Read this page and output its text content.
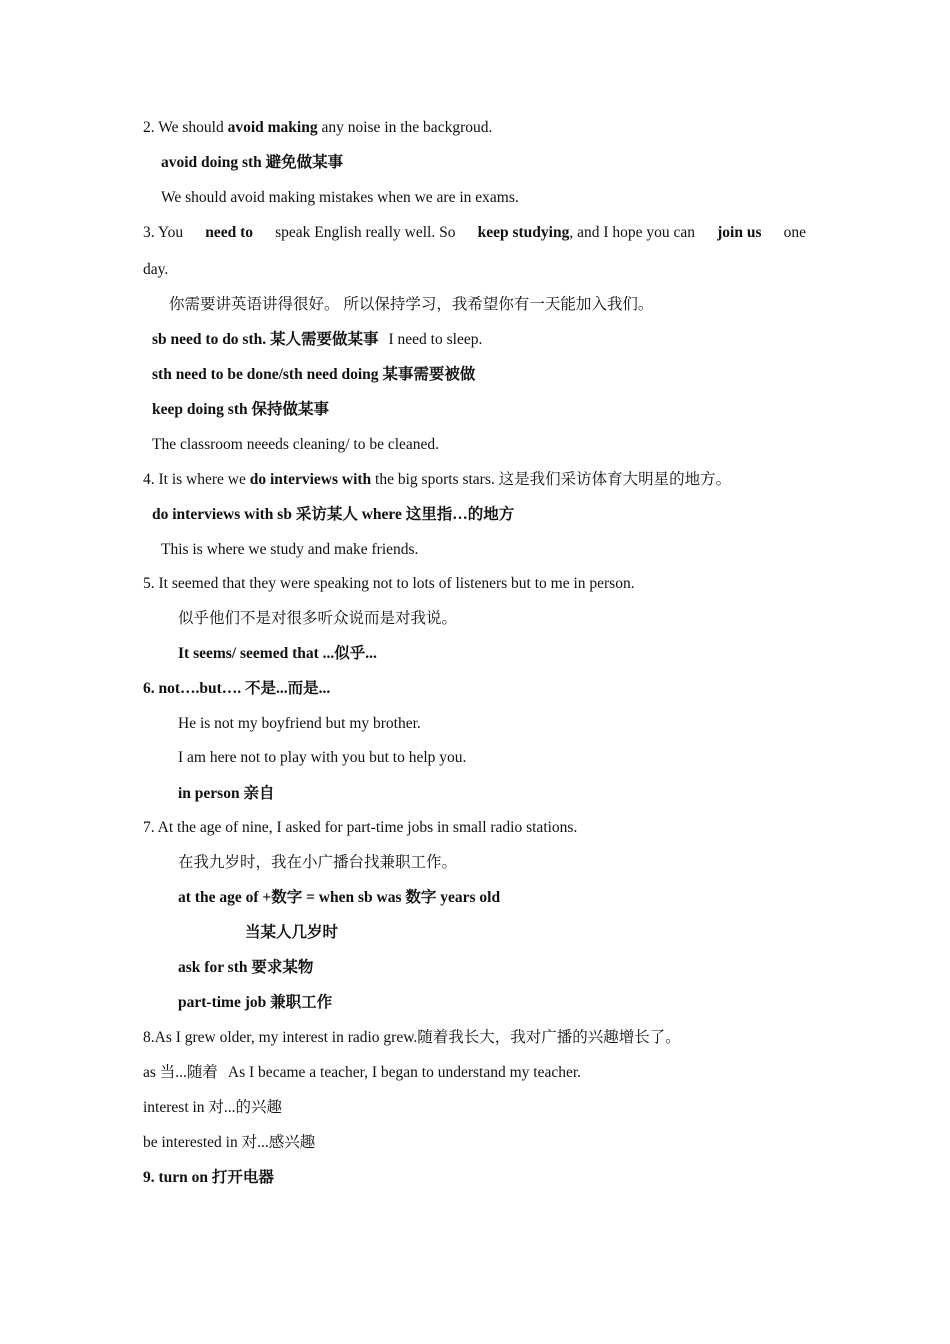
2. We should avoid making any noise in the backgroud.
avoid doing sth 避免做某事
We should avoid making mistakes when we are in exams.
3. You need to speak English really well. So keep studying, and I hope you can join us one
day.
你需要讲英语讲得很好。 所以保持学习，我希望你有一天能加入我们。
sb need to do sth. 某人需要做某事 I need to sleep.
sth need to be done/sth need doing 某事需要被做
keep doing sth 保持做某事
The classroom neeeds cleaning/ to be cleaned.
4. It is where we do interviews with the big sports stars. 这是我们采访体育大明星的地方。
do interviews with sb 采访某人 where 这里指…的地方
This is where we study and make friends.
5. It seemed that they were speaking not to lots of listeners but to me in person.
似乎他们不是对很多听众说而是对我说。
It seems/ seemed that ...似乎...
6. not….but…. 不是...而是...
He is not my boyfriend but my brother.
I am here not to play with you but to help you.
in person 亲自
7. At the age of nine, I asked for part-time jobs in small radio stations.
在我九岁时，我在小广播台找兼职工作。
at the age of +数字 = when sb was 数字 years old
当某人几岁时
ask for sth 要求某物
part-time job 兼职工作
8.As I grew older, my interest in radio grew.随着我长大，我对广播的兴趣增长了。
as 当...随着 As I became a teacher, I began to understand my teacher.
interest in 对...的兴趣
be interested in 对...感兴趣
9. turn on 打开电器
